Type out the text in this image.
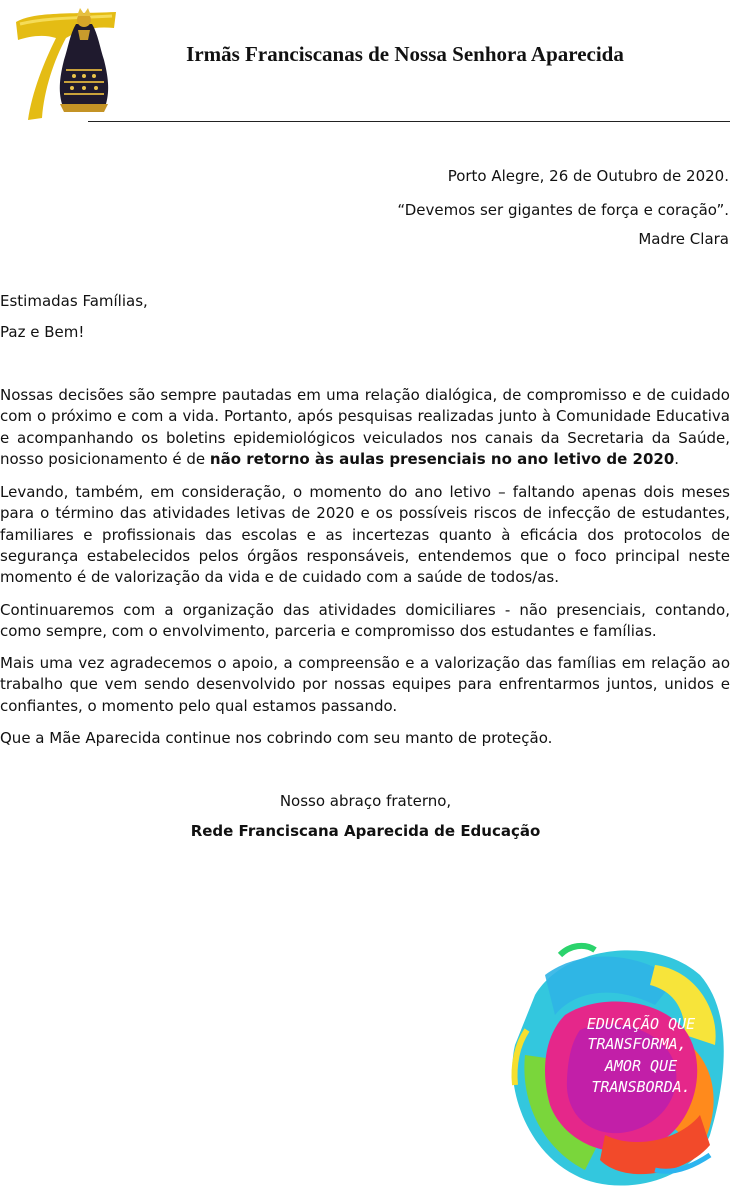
Irmãs Franciscanas de Nossa Senhora Aparecida
Porto Alegre, 26 de Outubro de 2020.
“Devemos ser gigantes de força e coração”.
Madre Clara
Estimadas Famílias,
Paz e Bem!
Nossas decisões são sempre pautadas em uma relação dialógica, de compromisso e de cuidado com o próximo e com a vida. Portanto, após pesquisas realizadas junto à Comunidade Educativa e acompanhando os boletins epidemiológicos veiculados nos canais da Secretaria da Saúde, nosso posicionamento é de não retorno às aulas presenciais no ano letivo de 2020.
Levando, também, em consideração, o momento do ano letivo – faltando apenas dois meses para o término das atividades letivas de 2020 e os possíveis riscos de infecção de estudantes, familiares e profissionais das escolas e as incertezas quanto à eficácia dos protocolos de segurança estabelecidos pelos órgãos responsáveis, entendemos que o foco principal neste momento é de valorização da vida e de cuidado com a saúde de todos/as.
Continuaremos com a organização das atividades domiciliares - não presenciais, contando, como sempre, com o envolvimento, parceria e compromisso dos estudantes e famílias.
Mais uma vez agradecemos o apoio, a compreensão e a valorização das famílias em relação ao trabalho que vem sendo desenvolvido por nossas equipes para enfrentarmos juntos, unidos e confiantes, o momento pelo qual estamos passando.
Que a Mãe Aparecida continue nos cobrindo com seu manto de proteção.
Nosso abraço fraterno,
Rede Franciscana Aparecida de Educação
EDUCAÇÃO QUE
TRANSFORMA,
AMOR QUE
TRANSBORDA.
